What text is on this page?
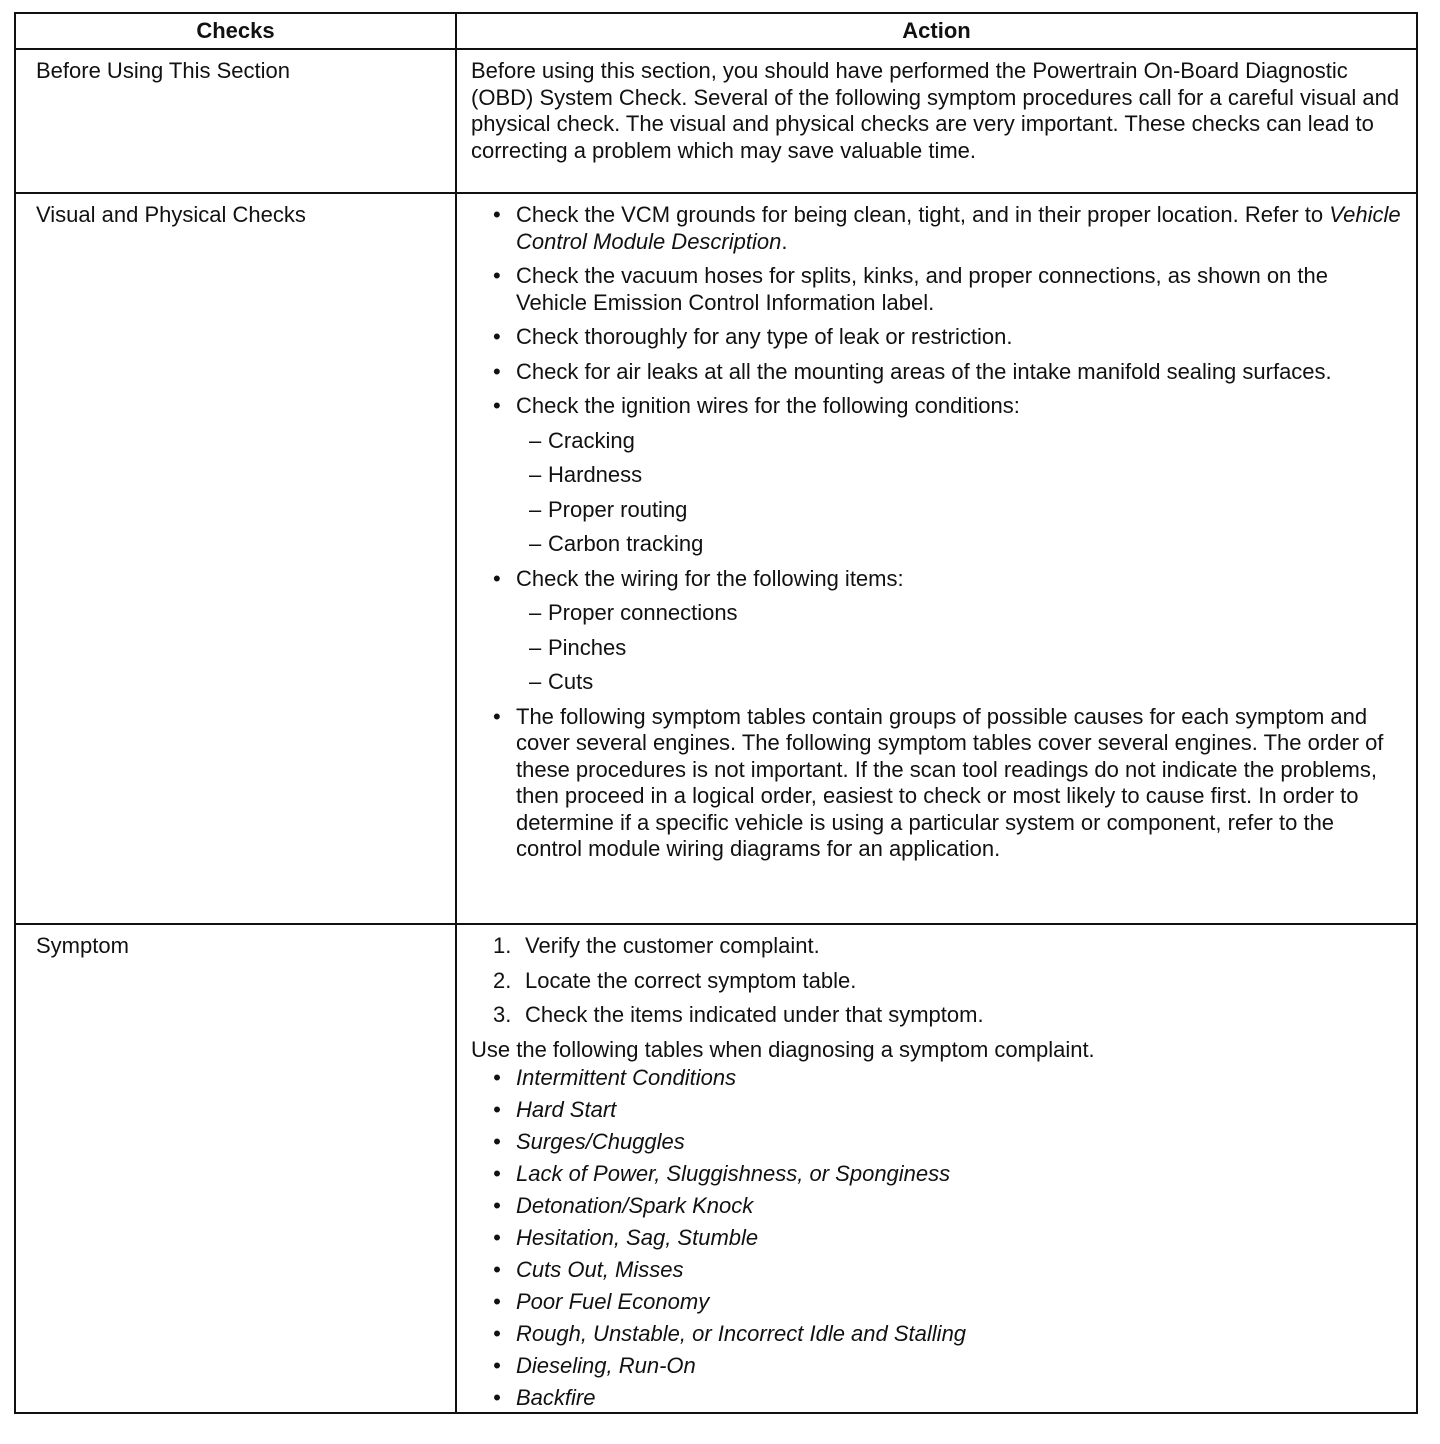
Checks	Action
Before Using This Section	Before using this section, you should have performed the Powertrain On-Board Diagnostic (OBD) System Check. Several of the following symptom procedures call for a careful visual and physical check. The visual and physical checks are very important. These checks can lead to correcting a problem which may save valuable time.
Visual and Physical Checks
•	Check the VCM grounds for being clean, tight, and in their proper location. Refer to Vehicle Control Module Description.
• Check the vacuum hoses for splits, kinks, and proper connections, as shown on the Vehicle Emission Control Information label.
• Check thoroughly for any type of leak or restriction.
• Check for air leaks at all the mounting areas of the intake manifold sealing surfaces.
• Check the ignition wires for the following conditions:
– Cracking
– Hardness
– Proper routing
– Carbon tracking
• Check the wiring for the following items:
– Proper connections
– Pinches
– Cuts
• The following symptom tables contain groups of possible causes for each symptom and cover several engines. The following symptom tables cover several engines. The order of these procedures is not important. If the scan tool readings do not indicate the problems, then proceed in a logical order, easiest to check or most likely to cause first. In order to determine if a specific vehicle is using a particular system or component, refer to the control module wiring diagrams for an application.
Symptom	1. Verify the customer complaint.
2. Locate the correct symptom table.
3. Check the items indicated under that symptom.
Use the following tables when diagnosing a symptom complaint.
• Intermittent Conditions
• Hard Start
• Surges/Chuggles
• Lack of Power, Sluggishness, or Sponginess
• Detonation/Spark Knock
• Hesitation, Sag, Stumble
• Cuts Out, Misses
• Poor Fuel Economy
• Rough, Unstable, or Incorrect Idle and Stalling
• Dieseling, Run-On
• Backfire
